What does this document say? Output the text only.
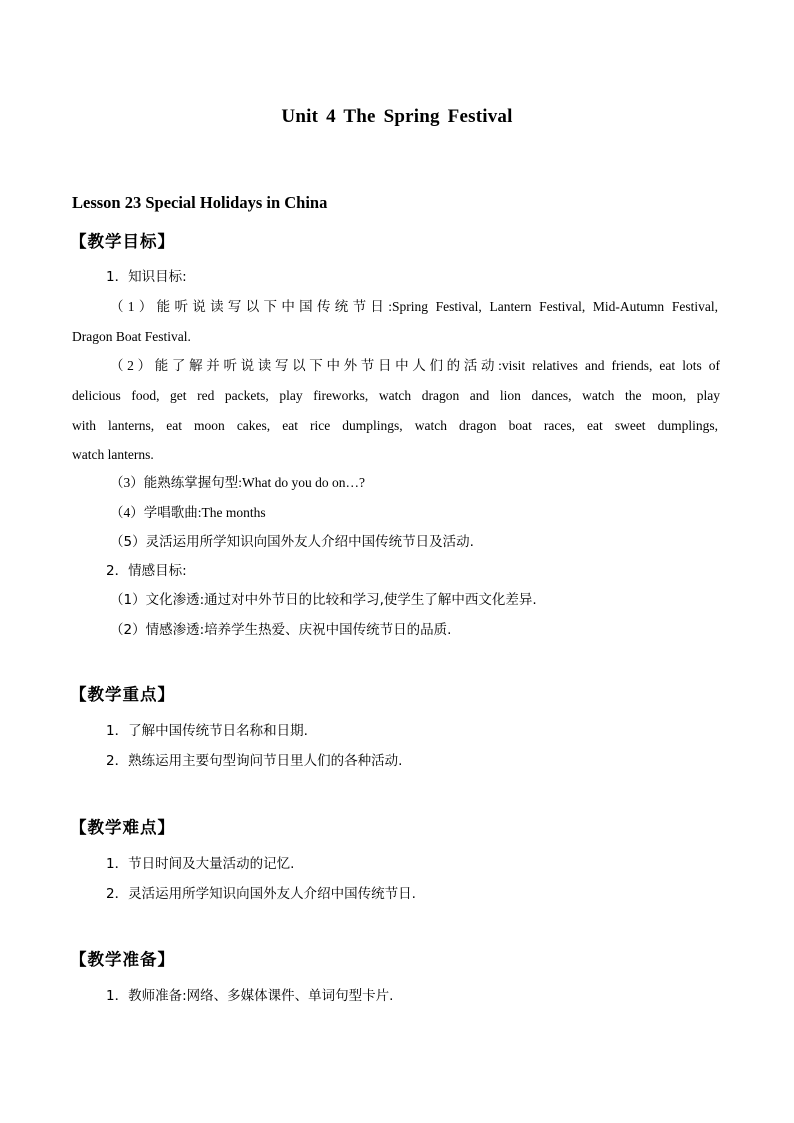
Unit 4 The Spring Festival
Lesson 23 Special Holidays in China
【教学目标】

1．知识目标:

（1）能听说读写以下中国传统节日:Spring Festival, Lantern Festival, Mid-Autumn Festival,

Dragon Boat Festival.

（2）能了解并听说读写以下中外节日中人们的活动:visit relatives and friends, eat lots of

delicious food, get red packets, play fireworks, watch dragon and lion dances, watch the moon, play

with lanterns, eat moon cakes, eat rice dumplings, watch dragon boat races, eat sweet dumplings,

watch lanterns.

（3）能熟练掌握句型:What do you do on…?

（4）学唱歌曲:The months

（5）灵活运用所学知识向国外友人介绍中国传统节日及活动.

2．情感目标:

（1）文化渗透:通过对中外节日的比较和学习,使学生了解中西文化差异.

（2）情感渗透:培养学生热爱、庆祝中国传统节日的品质.

【教学重点】

1．了解中国传统节日名称和日期.

2．熟练运用主要句型询问节日里人们的各种活动.

【教学难点】

1．节日时间及大量活动的记忆.

2．灵活运用所学知识向国外友人介绍中国传统节日.

【教学准备】

1．教师准备:网络、多媒体课件、单词句型卡片.
